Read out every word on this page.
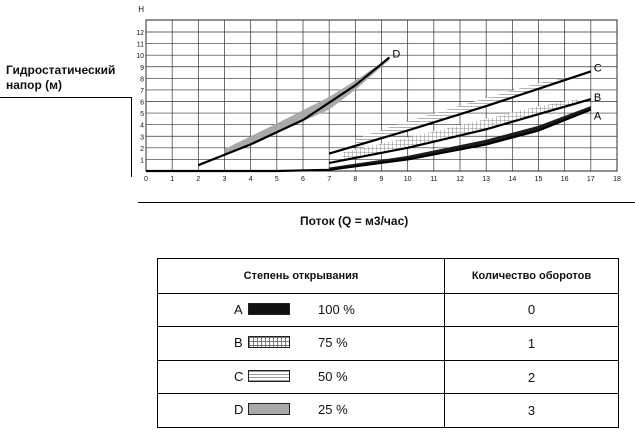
A
B
C
D
0	1	2	3	4	5	6	7	8	9	10	11	12	13	14	15	16	17	18
1
2
3
4
5
6
7
8
9
10
11
12
H
Гидростатический напор (м)
Поток (Q = м3/час)
Степень открывания	Количество оборотов

A 100 %	0

B 75 %	1

C 50 %	2

D 25 %	3
